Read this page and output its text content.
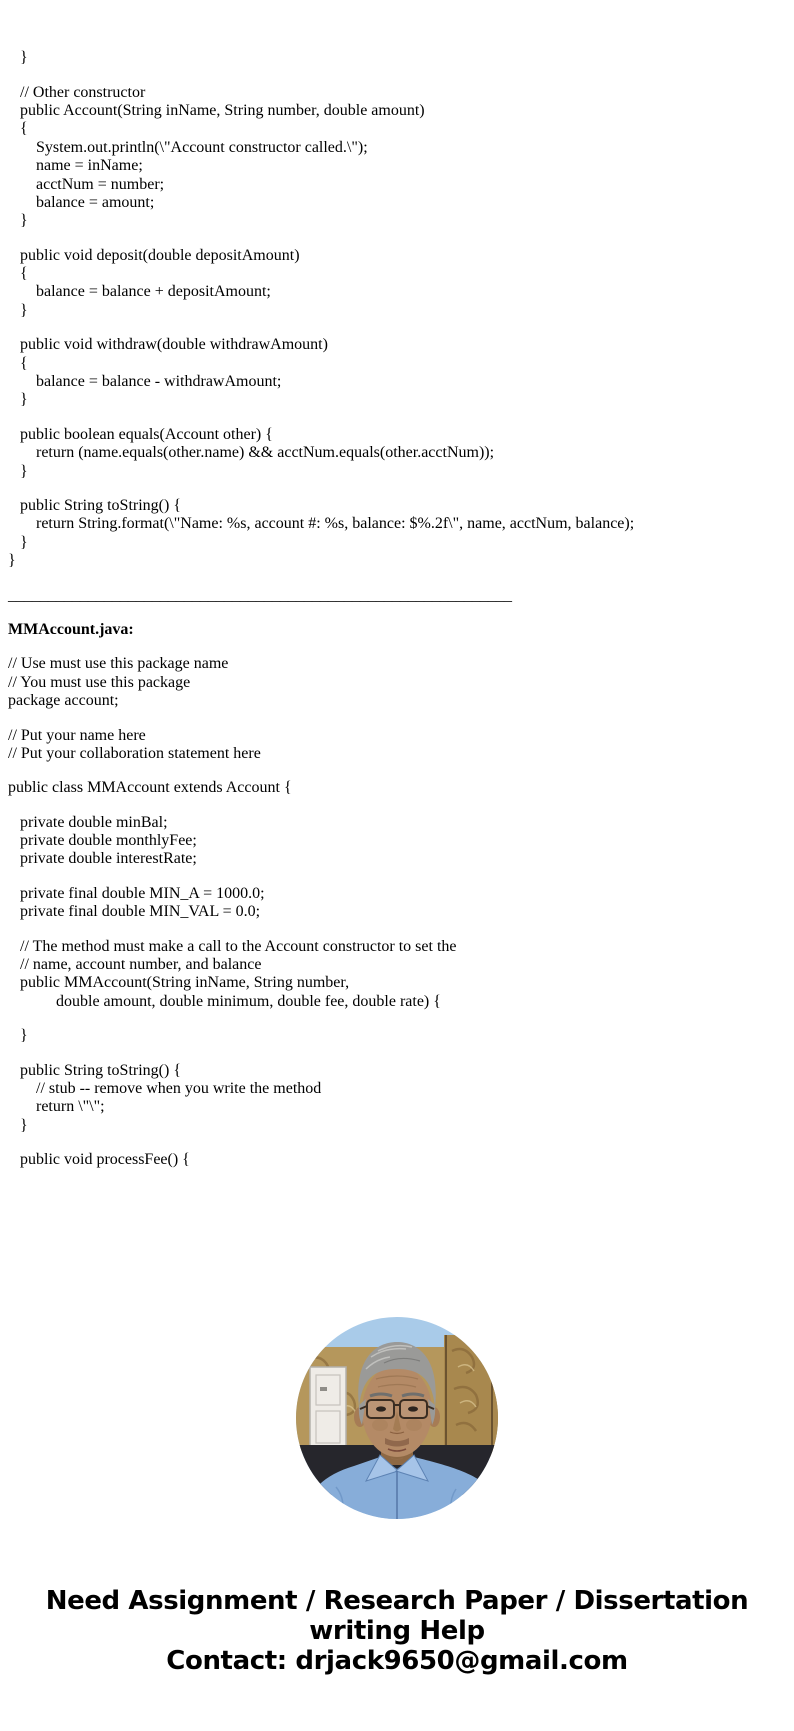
}

// Other constructor
public Account(String inName, String number, double amount)
{
System.out.println(\"Account constructor called.\");
name = inName;
acctNum = number;
balance = amount;
}

public void deposit(double depositAmount)
{
balance = balance + depositAmount;
}

public void withdraw(double withdrawAmount)
{
balance = balance - withdrawAmount;
}

public boolean equals(Account other) {
return (name.equals(other.name) && acctNum.equals(other.acctNum));
}

public String toString() {
return String.format(\"Name: %s, account #: %s, balance: $%.2f\", name, acctNum, balance);
}
}

_______________________________________________________________

MMAccount.java:

// Use must use this package name
// You must use this package
package account;

// Put your name here
// Put your collaboration statement here

public class MMAccount extends Account {

private double minBal;
private double monthlyFee;
private double interestRate;

private final double MIN_A = 1000.0;
private final double MIN_VAL = 0.0;

// The method must make a call to the Account constructor to set the
// name, account number, and balance
public MMAccount(String inName, String number,
double amount, double minimum, double fee, double rate) {

}

public String toString() {
// stub -- remove when you write the method
return \"\";
}

public void processFee() {

Need Assignment / Research Paper / Dissertation
writing Help
Contact: drjack9650@gmail.com
